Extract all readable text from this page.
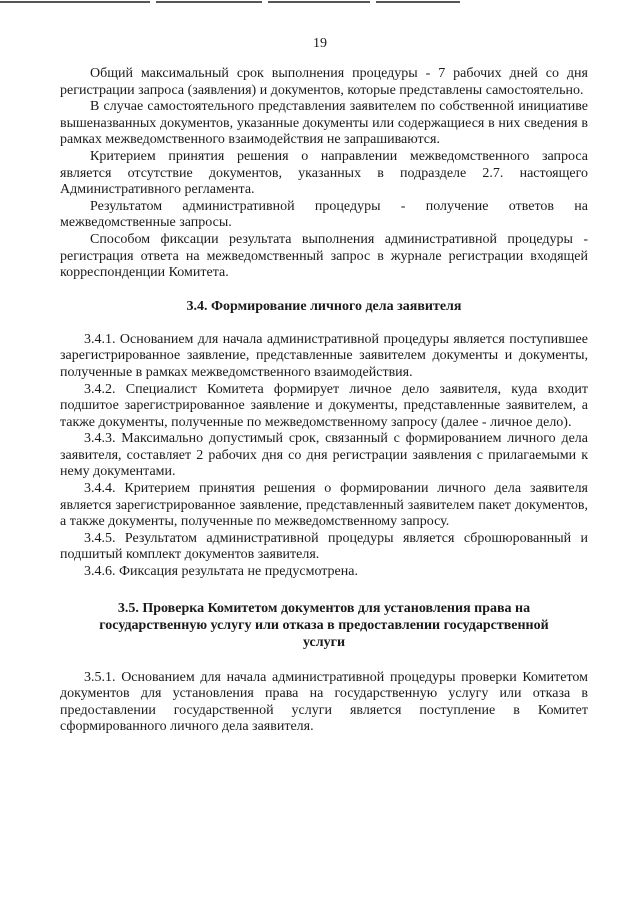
19

Общий максимальный срок выполнения процедуры - 7 рабочих дней со дня регистрации запроса (заявления) и документов, которые представлены самостоятельно.

В случае самостоятельного представления заявителем по собственной инициативе вышеназванных документов, указанные документы или содержащиеся в них сведения в рамках межведомственного взаимодействия не запрашиваются.

Критерием принятия решения о направлении межведомственного запроса является отсутствие документов, указанных в подразделе 2.7. настоящего Административного регламента.

Результатом административной процедуры - получение ответов на межведомственные запросы.

Способом фиксации результата выполнения административной процедуры - регистрация ответа на межведомственный запрос в журнале регистрации входящей корреспонденции Комитета.

3.4. Формирование личного дела заявителя

3.4.1. Основанием для начала административной процедуры является поступившее зарегистрированное заявление, представленные заявителем документы и документы, полученные в рамках межведомственного взаимодействия.

3.4.2. Специалист Комитета формирует личное дело заявителя, куда входит подшитое зарегистрированное заявление и документы, представленные заявителем, а также документы, полученные по межведомственному запросу (далее - личное дело).

3.4.3. Максимально допустимый срок, связанный с формированием личного дела заявителя, составляет 2 рабочих дня со дня регистрации заявления с прилагаемыми к нему документами.

3.4.4. Критерием принятия решения о формировании личного дела заявителя является зарегистрированное заявление, представленный заявителем пакет документов, а также документы, полученные по межведомственному запросу.

3.4.5. Результатом административной процедуры является сброшюрованный и подшитый комплект документов заявителя.

3.4.6. Фиксация результата не предусмотрена.

3.5. Проверка Комитетом документов для установления права на государственную услугу или отказа в предоставлении государственной услуги

3.5.1. Основанием для начала административной процедуры проверки Комитетом документов для установления права на государственную услугу или отказа в предоставлении государственной услуги является поступление в Комитет сформированного личного дела заявителя.
